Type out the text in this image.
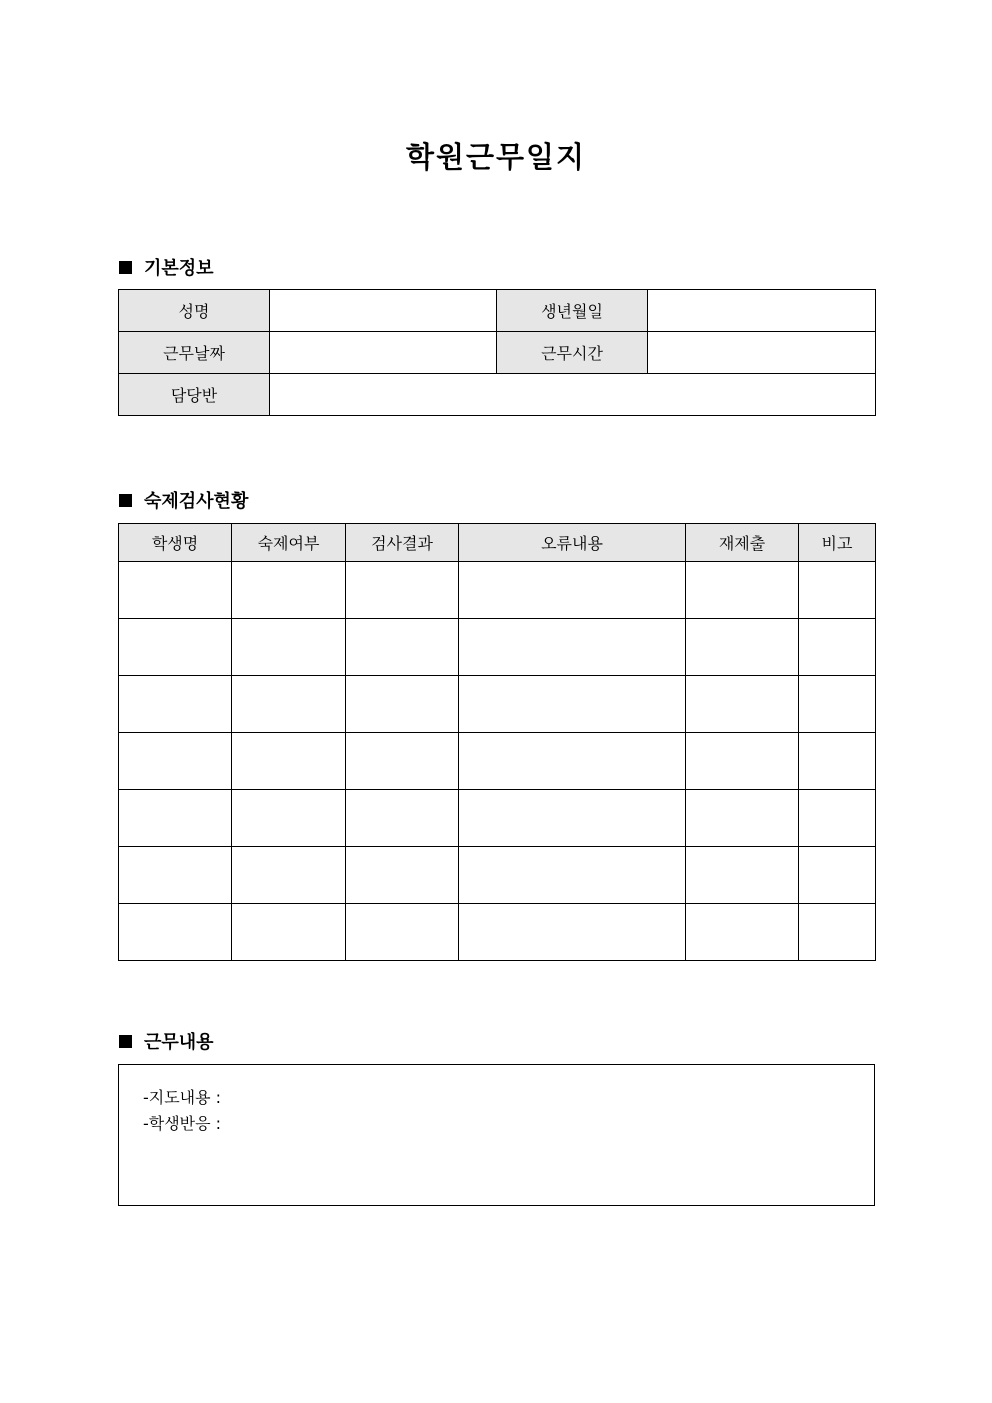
학원근무일지
기본정보
성명		생년월일	
근무날짜		근무시간	
담당반			
숙제검사현황
학생명	숙제여부	검사결과	오류내용	재제출	비고

근무내용
-지도내용 :
-학생반응 :
